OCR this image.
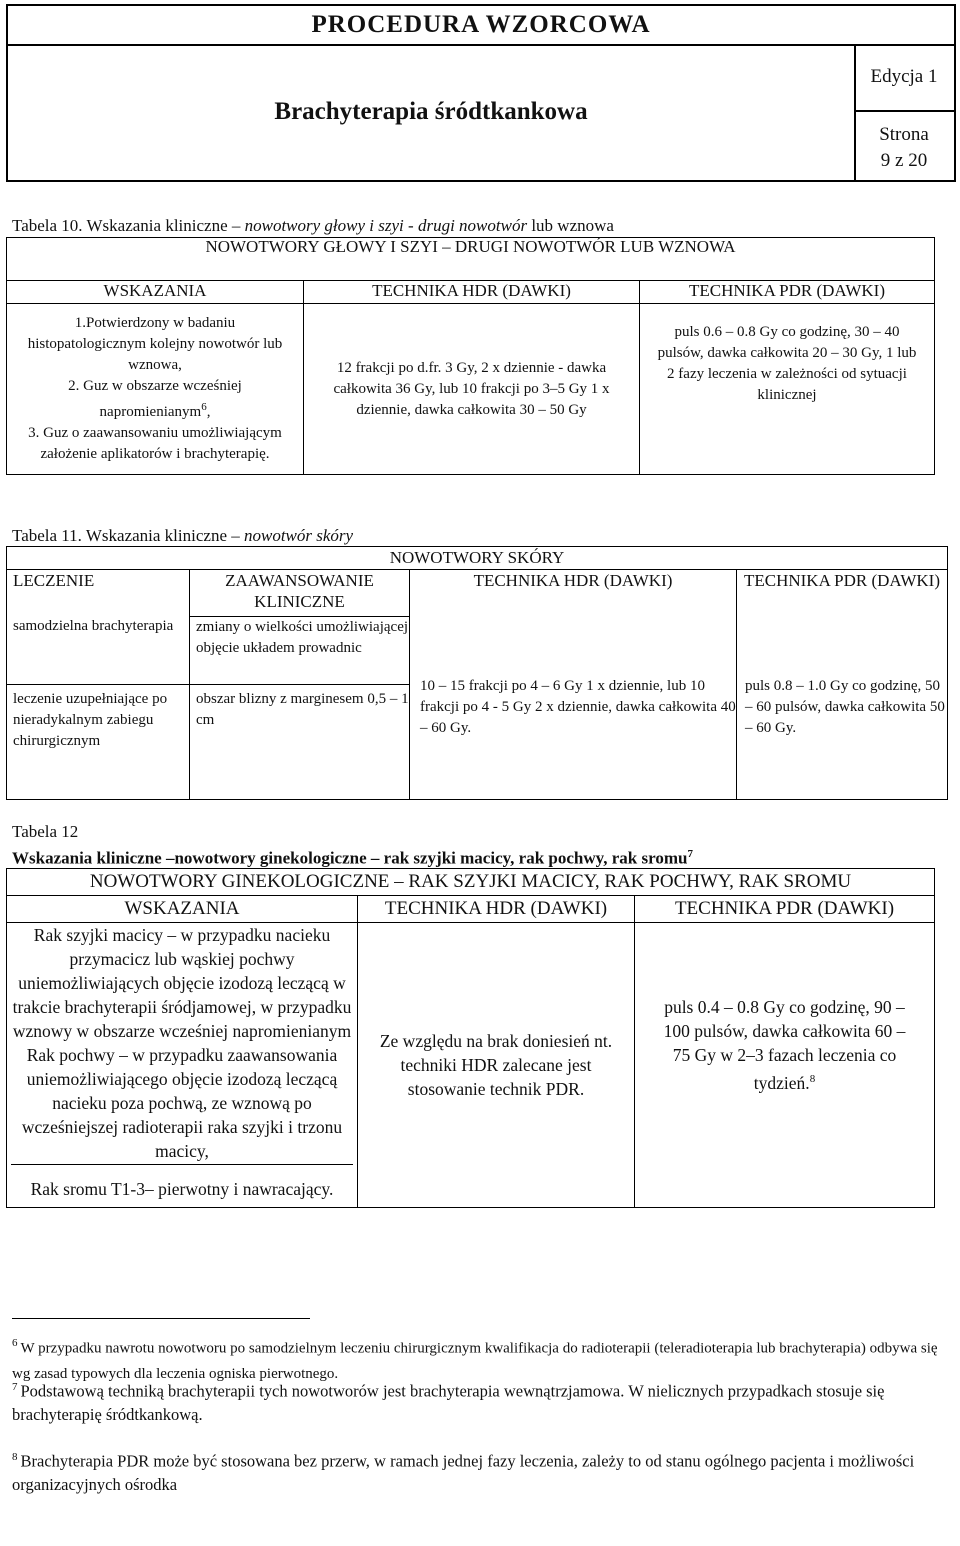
PROCEDURA WZORCOWA
Brachyterapia śródtkankowa
Edycja 1
Strona
9 z 20
Tabela 10. Wskazania kliniczne – nowotwory głowy i szyi - drugi nowotwór lub wznowa
NOWOTWORY GŁOWY I SZYI – DRUGI NOWOTWÓR LUB WZNOWA		
WSKAZANIA	TECHNIKA HDR (DAWKI)	TECHNIKA PDR (DAWKI)

1.Potwierdzony w badaniu histopatologicznym kolejny nowotwór lub wznowa,
2. Guz w obszarze wcześniej napromienianym$^6$,
3. Guz o zaawansowaniu umożliwiającym założenie aplikatorów i brachyterapię.	12 frakcji po d.fr. 3 Gy, 2 x dziennie - dawka całkowita 36 Gy, lub 10 frakcji po 3–5 Gy 1 x dziennie, dawka całkowita 30 – 50 Gy	puls 0.6 – 0.8 Gy co godzinę, 30 – 40 pulsów, dawka całkowita 20 – 30 Gy, 1 lub 2 fazy leczenia w zależności od sytuacji klinicznej
Tabela 11. Wskazania kliniczne – nowotwór skóry
NOWOTWORY SKÓRY			
LECZENIE	ZAAWANSOWANIE KLINICZNE	TECHNIKA HDR (DAWKI)	TECHNIKA PDR (DAWKI)
samodzielna brachyterapia	zmiany o wielkości umożliwiającej objęcie układem prowadnic	10 – 15 frakcji po 4 – 6 Gy 1 x dziennie, lub 10 frakcji po 4 - 5 Gy 2 x dziennie, dawka całkowita 40 – 60 Gy.	puls 0.8 – 1.0 Gy co godzinę, 50 – 60 pulsów, dawka całkowita 50 – 60 Gy.
leczenie uzupełniające po nieradykalnym zabiegu chirurgicznym	obszar blizny z marginesem 0,5 – 1 cm		
Tabela 12
Wskazania kliniczne –nowotwory ginekologiczne – rak szyjki macicy, rak pochwy, rak sromu$^7$
NOWOTWORY GINEKOLOGICZNE – RAK SZYJKI MACICY, RAK POCHWY, RAK SROMU		
WSKAZANIA	TECHNIKA HDR (DAWKI)	TECHNIKA PDR (DAWKI)

Rak szyjki macicy – w przypadku nacieku przymacicz lub wąskiej pochwy uniemożliwiających objęcie izodozą leczącą w trakcie brachyterapii śródjamowej, w przypadku wznowy w obszarze wcześniej napromienianym
Rak pochwy – w przypadku zaawansowania uniemożliwiającego objęcie izodozą leczącą nacieku poza pochwą, ze wznową po wcześniejszej radioterapii raka szyjki i trzonu macicy,
Rak sromu T1-3– pierwotny i nawracający.	Ze względu na brak doniesień nt. techniki HDR zalecane jest stosowanie technik PDR.	puls 0.4 – 0.8 Gy co godzinę, 90 – 100 pulsów, dawka całkowita 60 – 75 Gy w 2–3 fazach leczenia co tydzień.$^8$
$^6$ W przypadku nawrotu nowotworu po samodzielnym leczeniu chirurgicznym kwalifikacja do radioterapii (teleradioterapia lub brachyterapia) odbywa się wg zasad typowych dla leczenia ogniska pierwotnego.
$^7$ Podstawową techniką brachyterapii tych nowotworów jest brachyterapia wewnątrzjamowa. W nielicznych przypadkach stosuje się brachyterapię śródtkankową.
$^8$ Brachyterapia PDR może być stosowana bez przerw, w ramach jednej fazy leczenia, zależy to od stanu ogólnego pacjenta i możliwości organizacyjnych ośrodka
